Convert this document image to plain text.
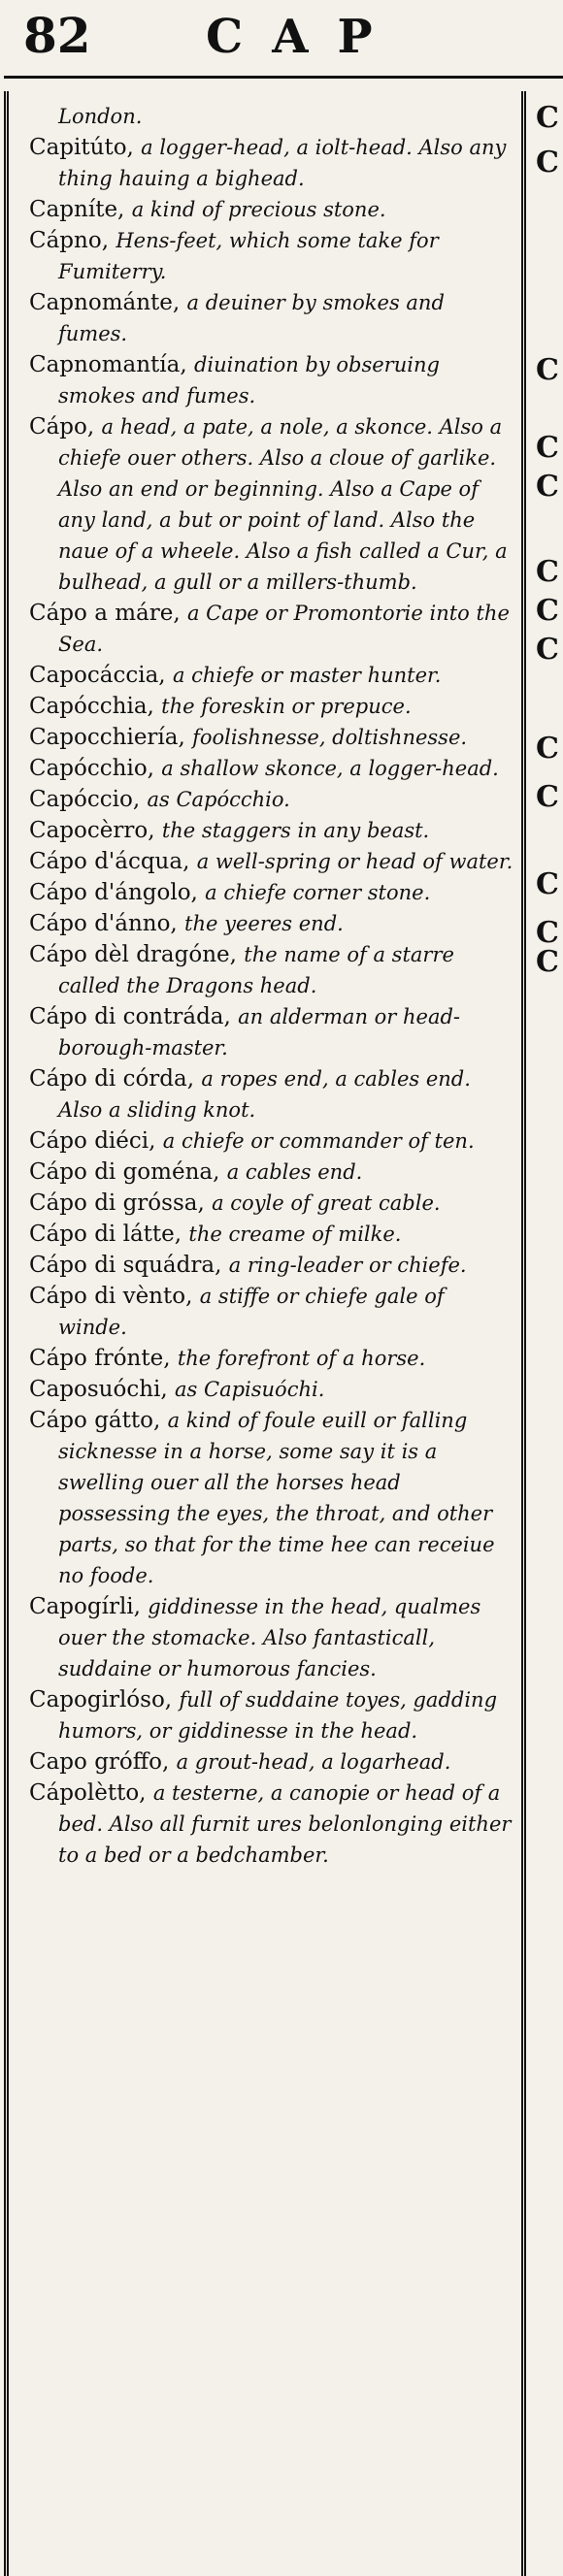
82 CAP
London.
Capitúto, a logger-head, a iolt-head. Also any thing hauing a bighead.
Capníte, a kind of precious stone.
Cápno, Hens-feet, which some take for Fumiterry.
Capnománte, a deuiner by smokes and fumes.
Capnomantía, diuination by obseruing smokes and fumes.
Cápo, a head, a pate, a nole, a skonce. Also a chiefe ouer others. Also a cloue of garlike. Also an end or beginning. Also a Cape of any land, a but or point of land. Also the naue of a wheele. Also a fish called a Cur, a bulhead, a gull or a millers-thumb.
Cápo a máre, a Cape or Promontorie into the Sea.
Capocáccia, a chiefe or master hunter.
Capócchia, the foreskin or prepuce.
Capocchiería, foolishnesse, doltishnesse.
Capócchio, a shallow skonce, a logger-head.
Capóccio, as Capócchio.
Capocèrro, the staggers in any beast.
Cápo d'ácqua, a well-spring or head of water.
Cápo d'ángolo, a chiefe corner stone.
Cápo d'ánno, the yeeres end.
Cápo dèl dragóne, the name of a starre called the Dragons head.
Cápo di contráda, an alderman or head-borough-master.
Cápo di córda, a ropes end, a cables end. Also a sliding knot.
Cápo diéci, a chiefe or commander of ten.
Cápo di goména, a cables end.
Cápo di gróssa, a coyle of great cable.
Cápo di látte, the creame of milke.
Cápo di squádra, a ring-leader or chiefe.
Cápo di vènto, a stiffe or chiefe gale of winde.
Cápo frónte, the forefront of a horse.
Caposuóchi, as Capisuóchi.
Cápo gátto, a kind of foule euill or falling sicknesse in a horse, some say it is a swelling ouer all the horses head possessing the eyes, the throat, and other parts, so that for the time hee can receiue no foode.
Capogírli, giddinesse in the head, qualmes ouer the stomacke. Also fantasticall, suddaine or humorous fancies.
Capogirlóso, full of suddaine toyes, gadding humors, or giddinesse in the head.
Capo gróffo, a grout-head, a logarhead.
Cápolètto, a testerne, a canopie or head of a bed. Also all furnit ures belonlonging either to a bed or a bedchamber.
C
C
C
C
C
C
C
C
C
C
C
C
C
